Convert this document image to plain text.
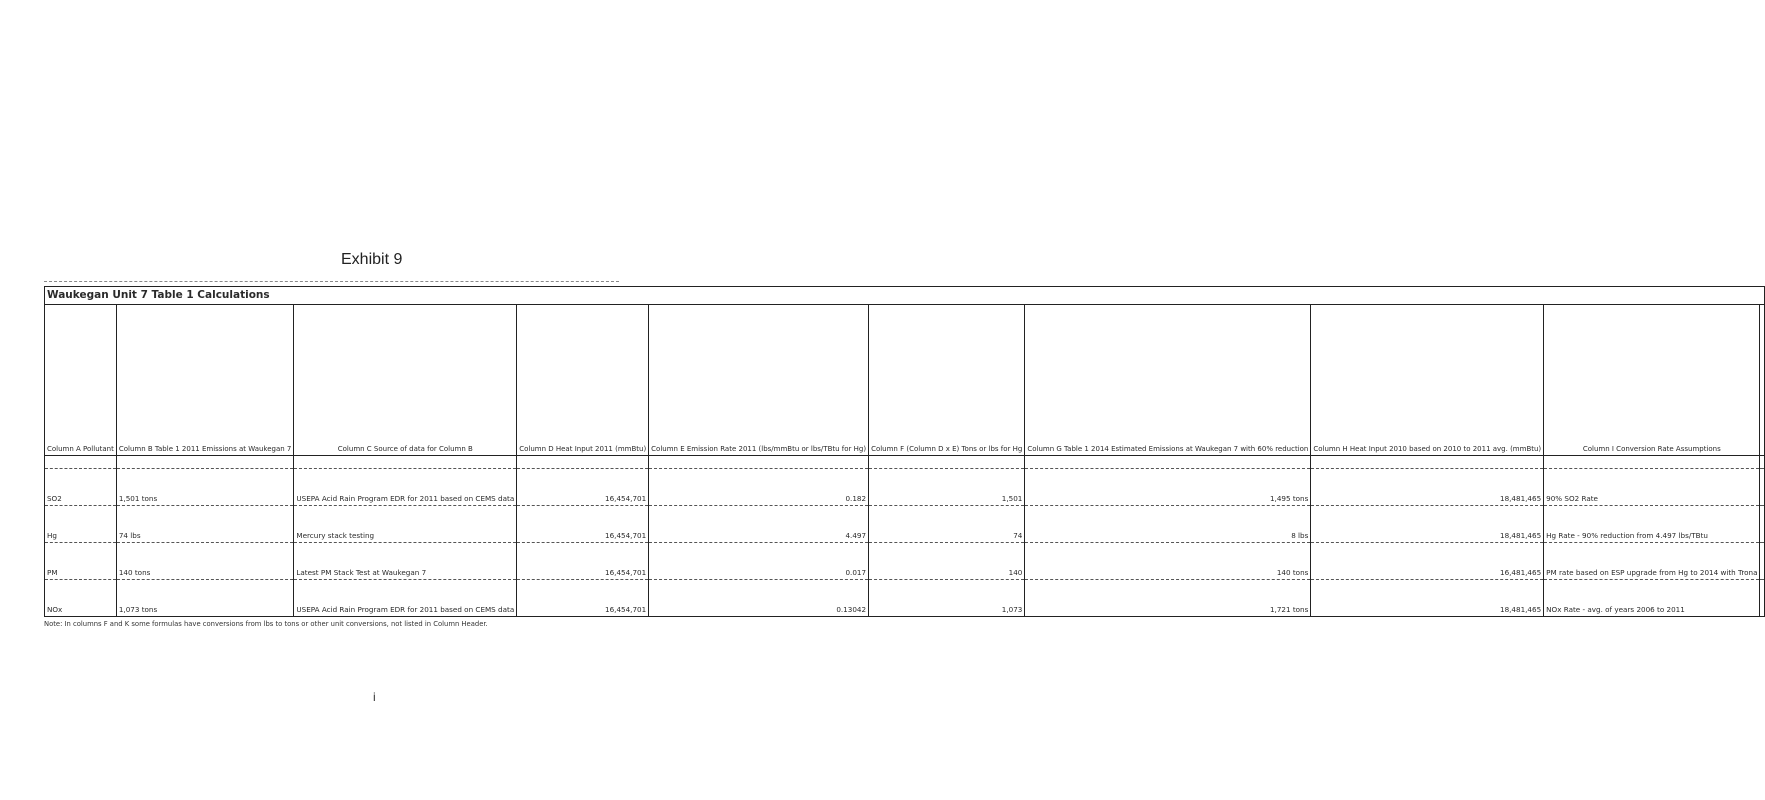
Exhibit 9
Waukegan Unit 7 Table 1 Calculations									
Column A Pollutant	Column B Table 1 2011 Emissions at Waukegan 7	Column C Source of data for Column B	Column D Heat Input 2011 (mmBtu)	Column E Emission Rate 2011 (lbs/mmBtu or lbs/TBtu for Hg)	Column F (Column D x E) Tons or lbs for Hg	Column G Table 1 2014 Estimated Emissions at Waukegan 7 with 60% reduction	Column H Heat Input 2010 based on 2010 to 2011 avg. (mmBtu)	Column I Conversion Rate Assumptions	

SO2	1,501 tons	USEPA Acid Rain Program EDR for 2011 based on CEMS data	16,454,701	0.182	1,501	1,495 tons	18,481,465	90% SO2 Rate	
Hg	74 lbs	Mercury stack testing	16,454,701	4.497	74	8 lbs	18,481,465	Hg Rate - 90% reduction from 4.497 lbs/TBtu	
PM	140 tons	Latest PM Stack Test at Waukegan 7	16,454,701	0.017	140	140 tons	16,481,465	PM rate based on ESP upgrade from Hg to 2014 with Trona	
NOx	1,073 tons	USEPA Acid Rain Program EDR for 2011 based on CEMS data	16,454,701	0.13042	1,073	1,721 tons	18,481,465	NOx Rate - avg. of years 2006 to 2011	
Note: In columns F and K some formulas have conversions from lbs to tons or other unit conversions, not listed in Column Header.
i
